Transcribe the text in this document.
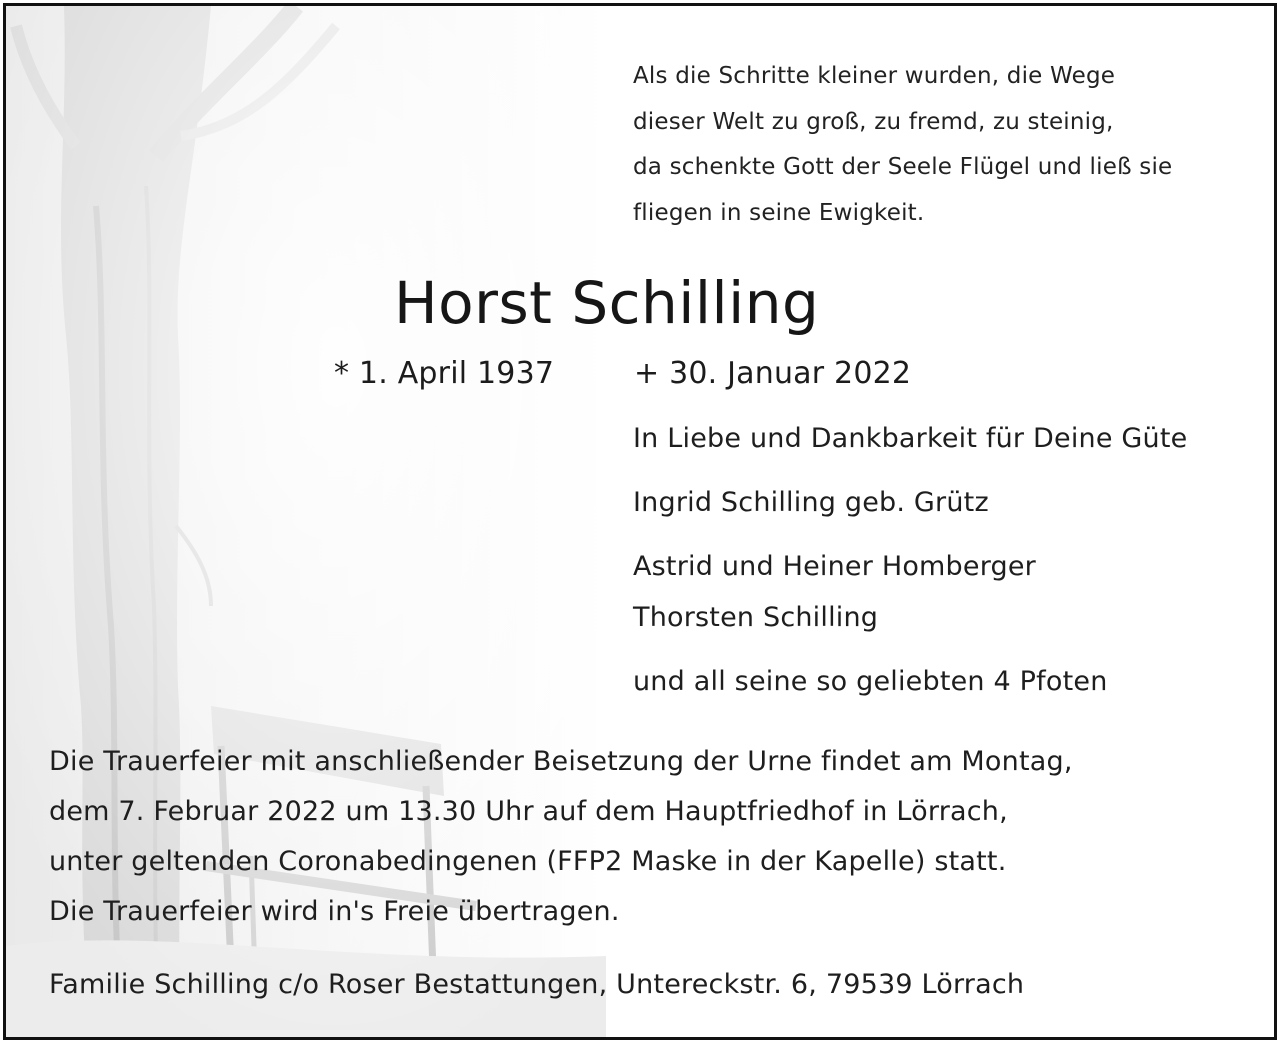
Als die Schritte kleiner wurden, die Wege
dieser Welt zu groß, zu fremd, zu steinig,
da schenkte Gott der Seele Flügel und ließ sie
fliegen in seine Ewigkeit.
Horst Schilling
* 1. April 1937	+ 30. Januar 2022
In Liebe und Dankbarkeit für Deine Güte
Ingrid Schilling geb. Grütz
Astrid und Heiner Homberger
Thorsten Schilling
und all seine so geliebten 4 Pfoten
Die Trauerfeier mit anschließender Beisetzung der Urne findet am Montag,
dem 7. Februar 2022 um 13.30 Uhr auf dem Hauptfriedhof in Lörrach,
unter geltenden Coronabedingenen (FFP2 Maske in der Kapelle) statt.
Die Trauerfeier wird in's Freie übertragen.
Familie Schilling c/o Roser Bestattungen, Untereckstr. 6, 79539 Lörrach
